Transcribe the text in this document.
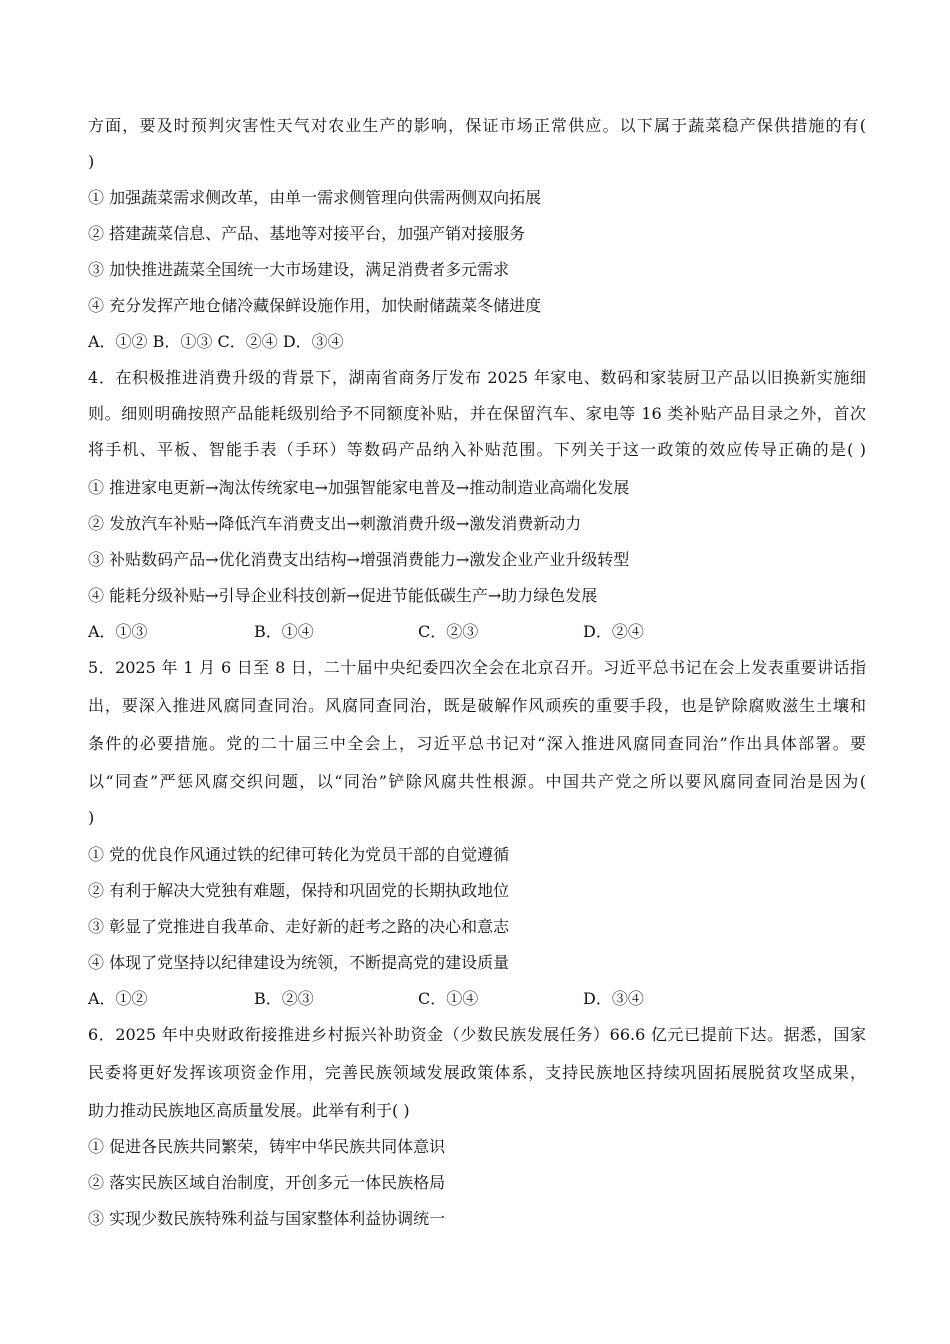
方面，要及时预判灾害性天气对农业生产的影响，保证市场正常供应。以下属于蔬菜稳产保供措施的有(
)
① 加强蔬菜需求侧改革，由单一需求侧管理向供需两侧双向拓展
② 搭建蔬菜信息、产品、基地等对接平台，加强产销对接服务
③ 加快推进蔬菜全国统一大市场建设，满足消费者多元需求
④ 充分发挥产地仓储冷藏保鲜设施作用，加快耐储蔬菜冬储进度
A．①② B．①③ C．②④ D．③④
4．在积极推进消费升级的背景下，湖南省商务厅发布 2025 年家电、数码和家装厨卫产品以旧换新实施细
则。细则明确按照产品能耗级别给予不同额度补贴，并在保留汽车、家电等 16 类补贴产品目录之外，首次
将手机、平板、智能手表（手环）等数码产品纳入补贴范围。下列关于这一政策的效应传导正确的是( )
① 推进家电更新→淘汰传统家电→加强智能家电普及→推动制造业高端化发展
② 发放汽车补贴→降低汽车消费支出→刺激消费升级→激发消费新动力
③ 补贴数码产品→优化消费支出结构→增强消费能力→激发企业产业升级转型
④ 能耗分级补贴→引导企业科技创新→促进节能低碳生产→助力绿色发展
A．①③	B．①④	C．②③	D．②④
5．2025 年 1 月 6 日至 8 日，二十届中央纪委四次全会在北京召开。习近平总书记在会上发表重要讲话指
出，要深入推进风腐同查同治。风腐同查同治，既是破解作风顽疾的重要手段，也是铲除腐败滋生土壤和
条件的必要措施。党的二十届三中全会上，习近平总书记对“深入推进风腐同查同治”作出具体部署。要
以“同查”严惩风腐交织问题，以“同治”铲除风腐共性根源。中国共产党之所以要风腐同查同治是因为(
)
① 党的优良作风通过铁的纪律可转化为党员干部的自觉遵循
② 有利于解决大党独有难题，保持和巩固党的长期执政地位
③ 彰显了党推进自我革命、走好新的赶考之路的决心和意志
④ 体现了党坚持以纪律建设为统领，不断提高党的建设质量
A．①②	B．②③	C．①④	D．③④
6．2025 年中央财政衔接推进乡村振兴补助资金（少数民族发展任务）66.6 亿元已提前下达。据悉，国家
民委将更好发挥该项资金作用，完善民族领域发展政策体系，支持民族地区持续巩固拓展脱贫攻坚成果，
助力推动民族地区高质量发展。此举有利于( )
① 促进各民族共同繁荣，铸牢中华民族共同体意识
② 落实民族区域自治制度，开创多元一体民族格局
③ 实现少数民族特殊利益与国家整体利益协调统一
